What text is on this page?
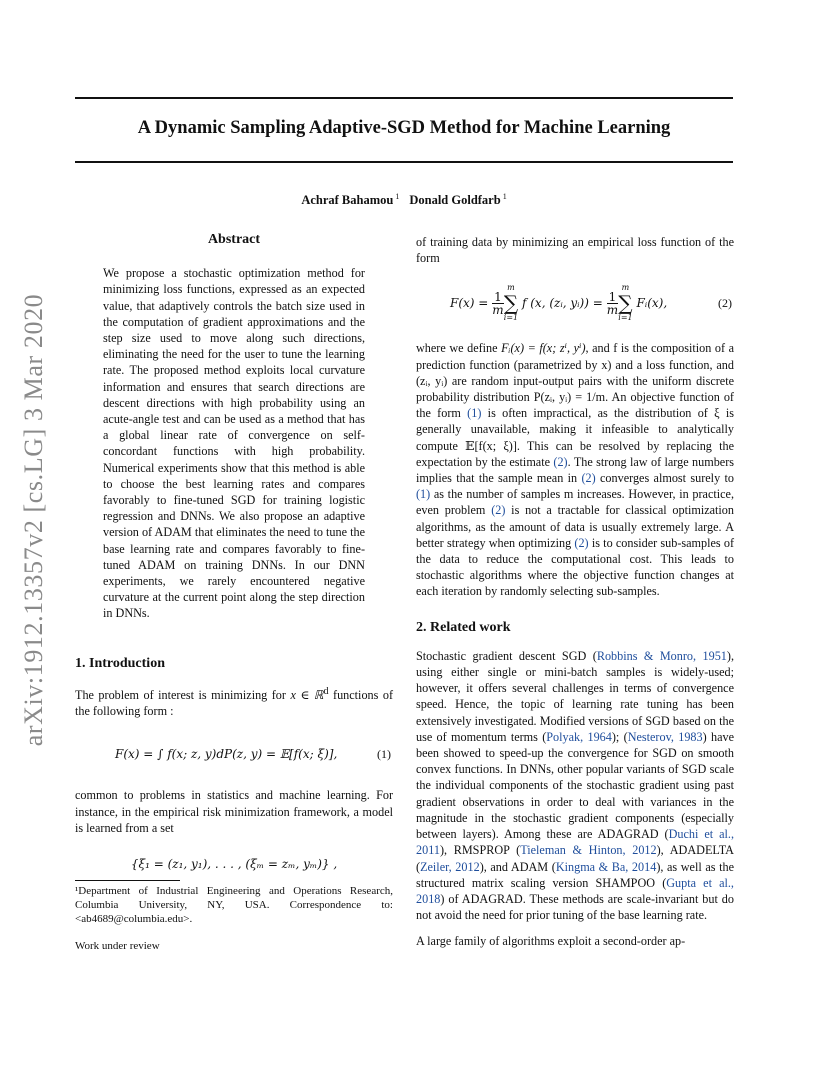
A Dynamic Sampling Adaptive-SGD Method for Machine Learning
Achraf Bahamou $^1$ Donald Goldfarb $^1$
arXiv:1912.13357v2 [cs.LG] 3 Mar 2020
Abstract

We propose a stochastic optimization method for minimizing loss functions, expressed as an expected value, that adaptively controls the batch size used in the computation of gradient approximations and the step size used to move along such directions, eliminating the need for the user to tune the learning rate. The proposed method exploits local curvature information and ensures that search directions are descent directions with high probability using an acute-angle test and can be used as a method that has a global linear rate of convergence on self-concordant functions with high probability. Numerical experiments show that this method is able to choose the best learning rates and compares favorably to fine-tuned SGD for training logistic regression and DNNs. We also propose an adaptive version of ADAM that eliminates the need to tune the base learning rate and compares favorably to fine-tuned ADAM on training DNNs. In our DNN experiments, we rarely encountered negative curvature at the current point along the step direction in DNNs.

1. Introduction

The problem of interest is minimizing for x ∈ ℝ$^d$ functions of the following form :

F(x) = ∫ f(x; z, y)dP(z, y) = 𝔼[f(x; ξ)],	(1)

common to problems in statistics and machine learning. For instance, in the empirical risk minimization framework, a model is learned from a set

{ξ₁ = (z₁, y₁), . . . , (ξₘ = zₘ, yₘ)} ,

¹Department of Industrial Engineering and Operations Research, Columbia University, NY, USA. Correspondence to: <ab4689@columbia.edu>.

Work under review

of training data by minimizing an empirical loss function of the form

F(x) =
$\frac{1}{m}$
m
∑
i=1

f (x, (zᵢ, yᵢ)) =
$\frac{1}{m}$
m
∑
i=1

Fᵢ(x),	(2)

where we define Fᵢ(x) = f(x; zⁱ, yⁱ), and f is the composition of a prediction function (parametrized by x) and a loss function, and (zᵢ, yᵢ) are random input-output pairs with the uniform discrete probability distribution P(zᵢ, yᵢ) = 1/m. An objective function of the form (1) is often impractical, as the distribution of ξ is generally unavailable, making it infeasible to analytically compute 𝔼[f(x; ξ)]. This can be resolved by replacing the expectation by the estimate (2). The strong law of large numbers implies that the sample mean in (2) converges almost surely to (1) as the number of samples m increases. However, in practice, even problem (2) is not a tractable for classical optimization algorithms, as the amount of data is usually extremely large. A better strategy when optimizing (2) is to consider sub-samples of the data to reduce the computational cost. This leads to stochastic algorithms where the objective function changes at each iteration by randomly selecting sub-samples.

2. Related work

Stochastic gradient descent SGD (Robbins & Monro, 1951), using either single or mini-batch samples is widely-used; however, it offers several challenges in terms of convergence speed. Hence, the topic of learning rate tuning has been extensively investigated. Modified versions of SGD based on the use of momentum terms (Polyak, 1964); (Nesterov, 1983) have been showed to speed-up the convergence for SGD on smooth convex functions. In DNNs, other popular variants of SGD scale the individual components of the stochastic gradient using past gradient observations in order to deal with variances in the magnitude in the stochastic gradient components (especially between layers). Among these are ADAGRAD (Duchi et al., 2011), RMSPROP (Tieleman & Hinton, 2012), ADADELTA (Zeiler, 2012), and ADAM (Kingma & Ba, 2014), as well as the structured matrix scaling version SHAMPOO (Gupta et al., 2018) of ADAGRAD. These methods are scale-invariant but do not avoid the need for prior tuning of the base learning rate.

A large family of algorithms exploit a second-order ap-
